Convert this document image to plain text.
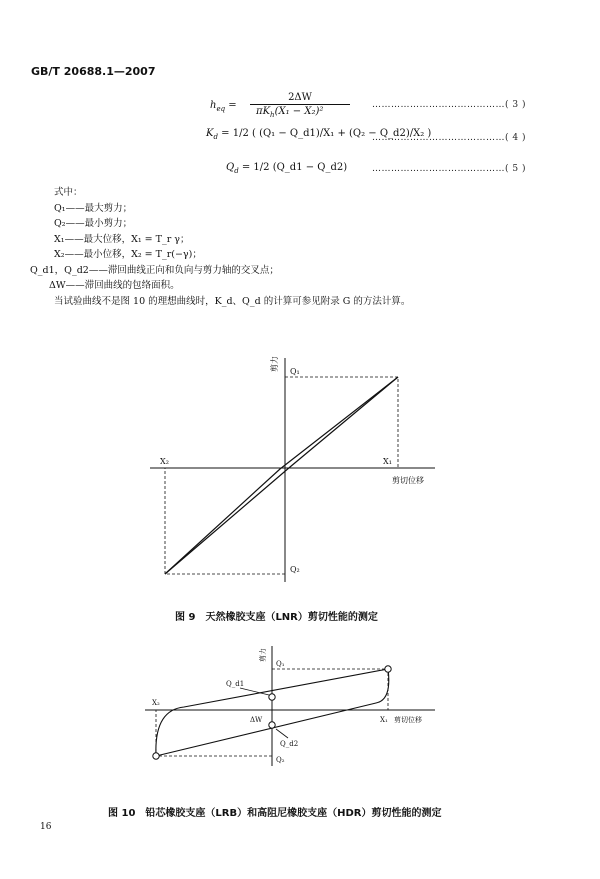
GB/T 20688.1—2007
$h_{eq}$ =
2ΔW
$\pi K_h(X_1 - X_2)^2$
……………………………………( 3 )
$K_d = 1/2$ ( (Q₁ − Q_d1)/X₁ + (Q₂ − Q_d2)/X₂ )
……………………………………( 4 )
$Q_d = 1/2$ (Q_d1 − Q_d2)	……………………………………( 5 )
式中：
Q₁——最大剪力；
Q₂——最小剪力；
X₁——最大位移，X₁ = T_r γ；
X₂——最小位移，X₂ = T_r(−γ)；
Q_d1，Q_d2——滞回曲线正向和负向与剪力轴的交叉点；
ΔW——滞回曲线的包络面积。
当试验曲线不是图 10 的理想曲线时，K_d、Q_d 的计算可参见附录 G 的方法计算。
剪力 Q₁
Q₂
X₁
X₂
剪切位移
图 9　天然橡胶支座（LNR）剪切性能的测定
剪力
Q₁
Q₂
Q_d1
Q_d2
ΔW	X₁
X₂
剪切位移
图 10　铅芯橡胶支座（LRB）和高阻尼橡胶支座（HDR）剪切性能的测定
16
